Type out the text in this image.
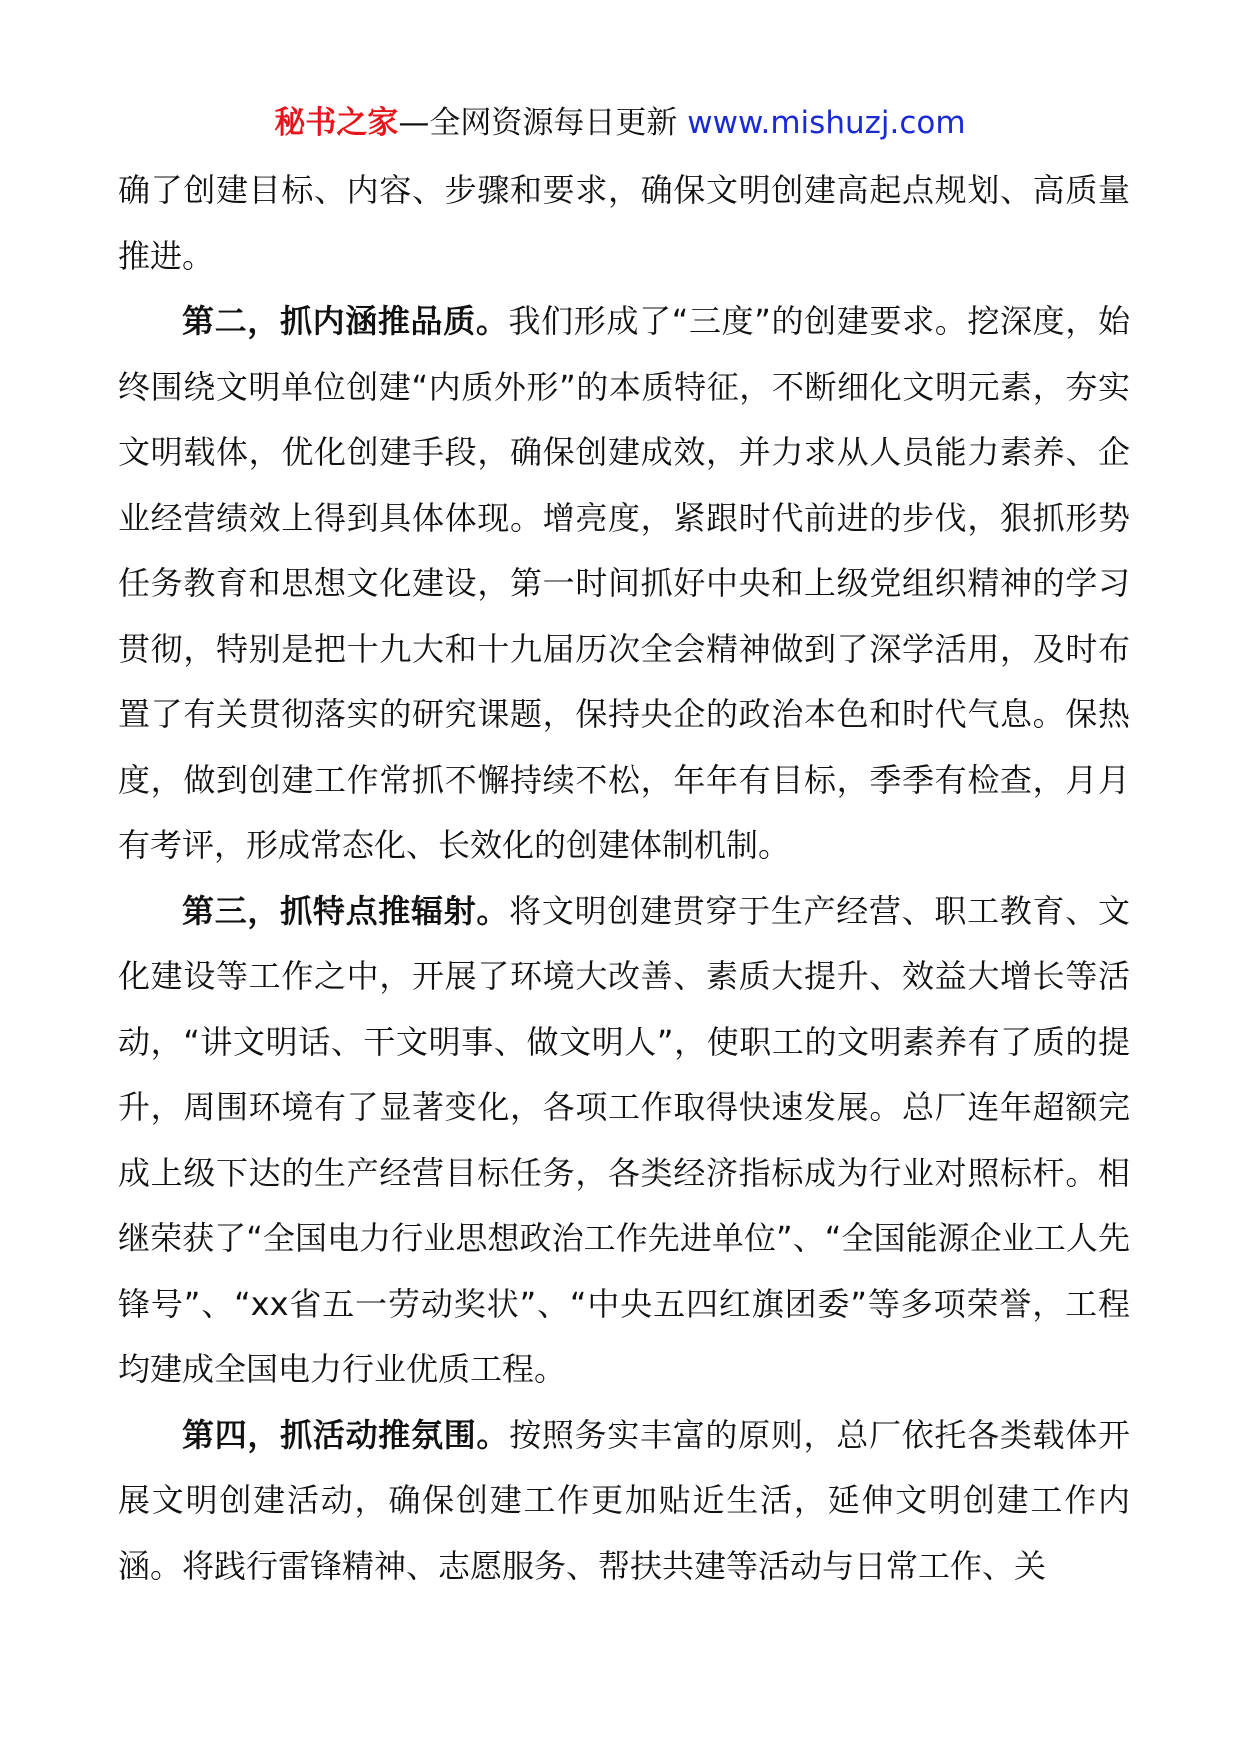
秘书之家—全网资源每日更新 www.mishuzj.com

确了创建目标、内容、步骤和要求，确保文明创建高起点规划、高质量推进。

第二，抓内涵推品质。我们形成了“三度”的创建要求。挖深度，始终围绕文明单位创建“内质外形”的本质特征，不断细化文明元素，夯实文明载体，优化创建手段，确保创建成效，并力求从人员能力素养、企业经营绩效上得到具体体现。增亮度，紧跟时代前进的步伐，狠抓形势任务教育和思想文化建设，第一时间抓好中央和上级党组织精神的学习贯彻，特别是把十九大和十九届历次全会精神做到了深学活用，及时布置了有关贯彻落实的研究课题，保持央企的政治本色和时代气息。保热度，做到创建工作常抓不懈持续不松，年年有目标，季季有检查，月月有考评，形成常态化、长效化的创建体制机制。

第三，抓特点推辐射。将文明创建贯穿于生产经营、职工教育、文化建设等工作之中，开展了环境大改善、素质大提升、效益大增长等活动，“讲文明话、干文明事、做文明人”，使职工的文明素养有了质的提升，周围环境有了显著变化，各项工作取得快速发展。总厂连年超额完成上级下达的生产经营目标任务，各类经济指标成为行业对照标杆。相继荣获了“全国电力行业思想政治工作先进单位”、“全国能源企业工人先锋号”、“xx省五一劳动奖状”、“中央五四红旗团委”等多项荣誉，工程均建成全国电力行业优质工程。

第四，抓活动推氛围。按照务实丰富的原则，总厂依托各类载体开展文明创建活动，确保创建工作更加贴近生活，延伸文明创建工作内涵。将践行雷锋精神、志愿服务、帮扶共建等活动与日常工作、关
